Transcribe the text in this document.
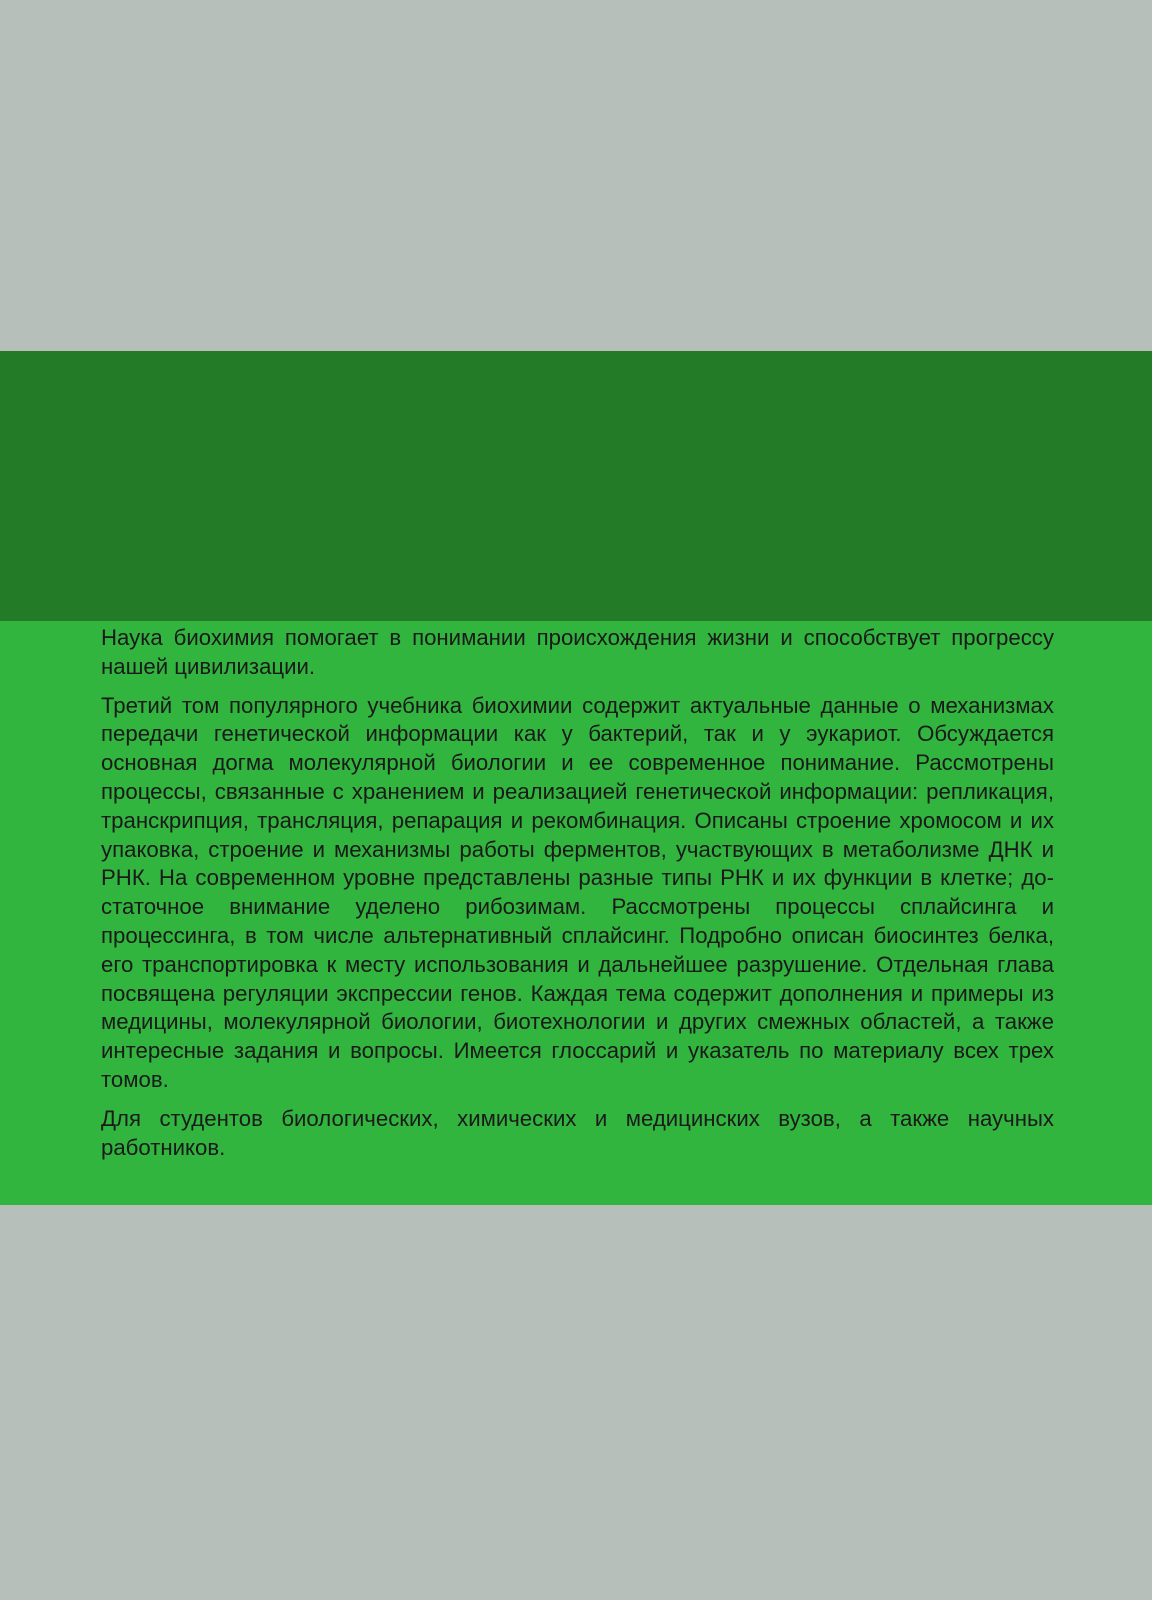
Наука биохимия помогает в понимании происхождения жизни и способствует прогрессу нашей цивилизации.

Третий том популярного учебника биохимии содержит актуальные данные о механизмах передачи генетической информации как у бактерий, так и у эукариот. Обсуждается основная догма молекулярной биологии и ее современное понимание. Рассмотрены процессы, связанные с хранением и реализацией генетической информации: репликация, транскрипция, трансляция, репарация и рекомбинация. Описаны строение хромосом и их упаковка, строение и механизмы работы ферментов, участвующих в метаболизме ДНК и РНК. На современном уровне представлены разные типы РНК и их функции в клетке; достаточное внимание уделено рибозимам. Рассмотрены процессы сплайсинга и процессинга, в том числе альтернативный сплайсинг. Подробно описан биосинтез белка, его транспортировка к месту использования и дальнейшее разрушение. Отдельная глава посвящена регуляции экспрессии генов. Каждая тема содержит дополнения и примеры из медицины, молекулярной биологии, биотехнологии и других смежных областей, а также интересные задания и вопросы. Имеется глоссарий и указатель по материалу всех трех томов.

Для студентов биологических, химических и медицинских вузов, а также научных работников.
